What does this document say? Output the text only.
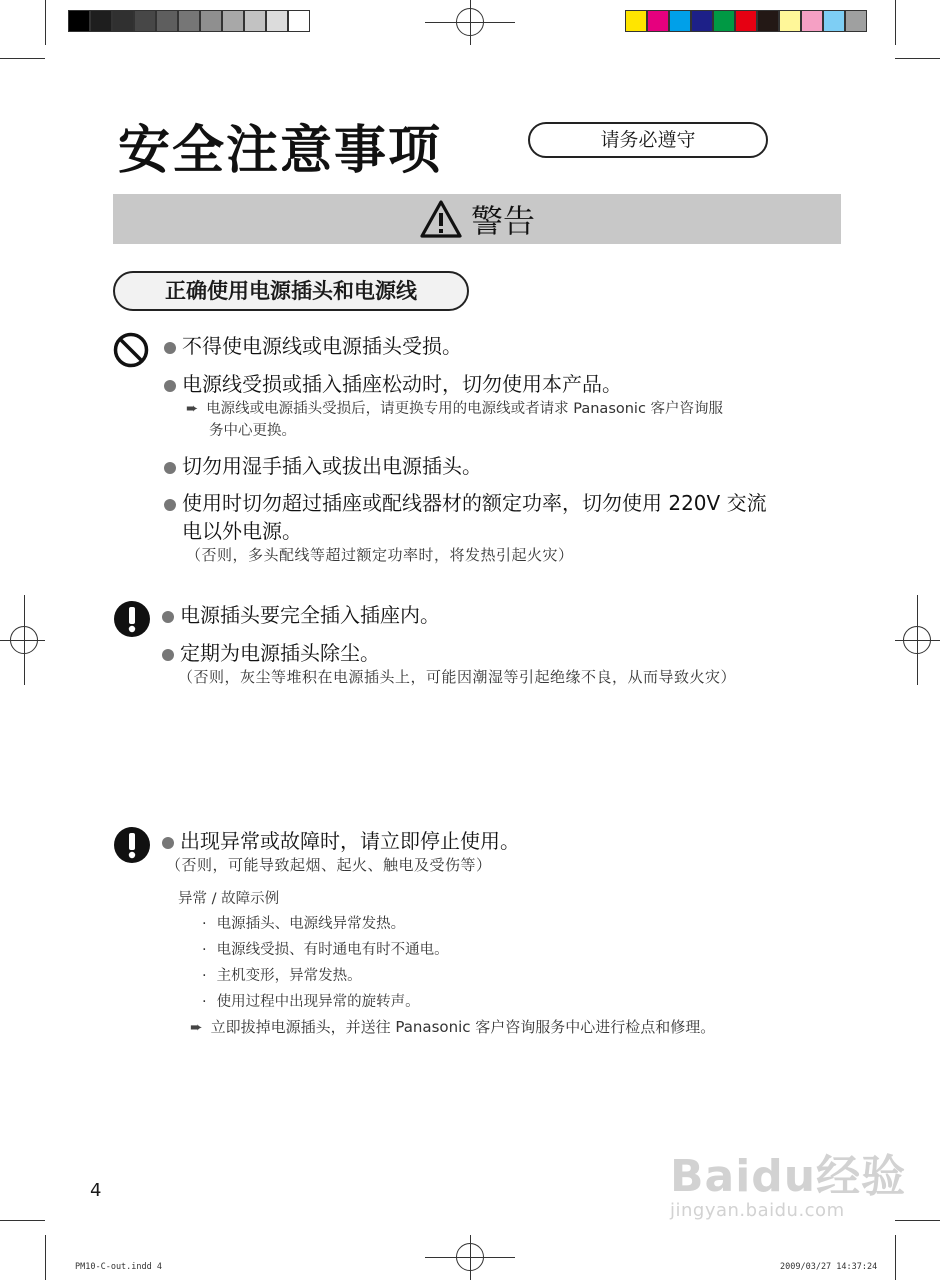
安全注意事项	请务必遵守
警告
正确使用电源插头和电源线
不得使电源线或电源插头受损。
电源线受损或插入插座松动时，切勿使用本产品。
➨ 电源线或电源插头受损后，请更换专用的电源线或者请求 Panasonic 客户咨询服
务中心更换。
切勿用湿手插入或拔出电源插头。
使用时切勿超过插座或配线器材的额定功率，切勿使用 220V 交流
电以外电源。
（否则，多头配线等超过额定功率时，将发热引起火灾）
电源插头要完全插入插座内。
定期为电源插头除尘。
（否则，灰尘等堆积在电源插头上，可能因潮湿等引起绝缘不良，从而导致火灾）
出现异常或故障时，请立即停止使用。
（否则，可能导致起烟、起火、触电及受伤等）
异常 / 故障示例
· 电源插头、电源线异常发热。
· 电源线受损、有时通电有时不通电。
· 主机变形，异常发热。
· 使用过程中出现异常的旋转声。
➨ 立即拔掉电源插头，并送往 Panasonic 客户咨询服务中心进行检点和修理。
4
PM10-C-out.indd 4	2009/03/27 14:37:24
Baidu经验
jingyan.baidu.com
